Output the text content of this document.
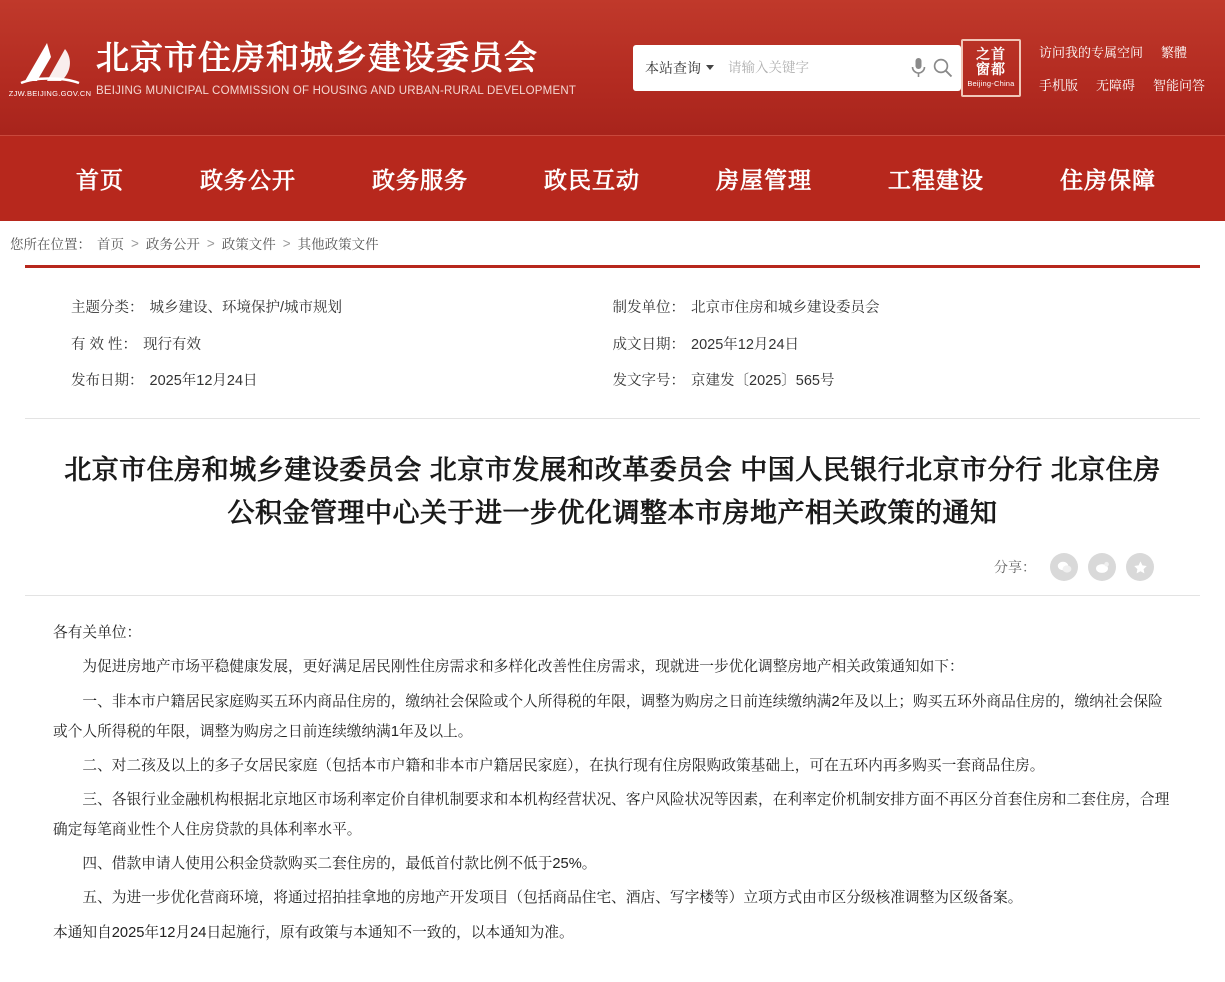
ZJW.BEIJING.GOV.CN
北京市住房和城乡建设委员会
BEIJING MUNICIPAL COMMISSION OF HOUSING AND URBAN-RURAL DEVELOPMENT
本站查询
请输入关键字
之首
窗都
Beijing-China
访问我的专属空间 繁體
手机版 无障碍 智能问答
首页	政务公开	政务服务	政民互动	房屋管理	工程建设	住房保障
您所在位置： 首页 > 政务公开 > 政策文件 > 其他政策文件
主题分类： 城乡建设、环境保护/城市规划
有 效 性： 现行有效
发布日期： 2025年12月24日
制发单位： 北京市住房和城乡建设委员会
成文日期： 2025年12月24日
发文字号： 京建发〔2025〕565号
北京市住房和城乡建设委员会 北京市发展和改革委员会 中国人民银行北京市分行 北京住房公积金管理中心关于进一步优化调整本市房地产相关政策的通知
分享：

各有关单位：

为促进房地产市场平稳健康发展，更好满足居民刚性住房需求和多样化改善性住房需求，现就进一步优化调整房地产相关政策通知如下：

一、非本市户籍居民家庭购买五环内商品住房的，缴纳社会保险或个人所得税的年限，调整为购房之日前连续缴纳满2年及以上；购买五环外商品住房的，缴纳社会保险或个人所得税的年限，调整为购房之日前连续缴纳满1年及以上。

二、对二孩及以上的多子女居民家庭（包括本市户籍和非本市户籍居民家庭），在执行现有住房限购政策基础上，可在五环内再多购买一套商品住房。

三、各银行业金融机构根据北京地区市场利率定价自律机制要求和本机构经营状况、客户风险状况等因素，在利率定价机制安排方面不再区分首套住房和二套住房，合理确定每笔商业性个人住房贷款的具体利率水平。

四、借款申请人使用公积金贷款购买二套住房的，最低首付款比例不低于25%。

五、为进一步优化营商环境，将通过招拍挂拿地的房地产开发项目（包括商品住宅、酒店、写字楼等）立项方式由市区分级核准调整为区级备案。

本通知自2025年12月24日起施行，原有政策与本通知不一致的，以本通知为准。
